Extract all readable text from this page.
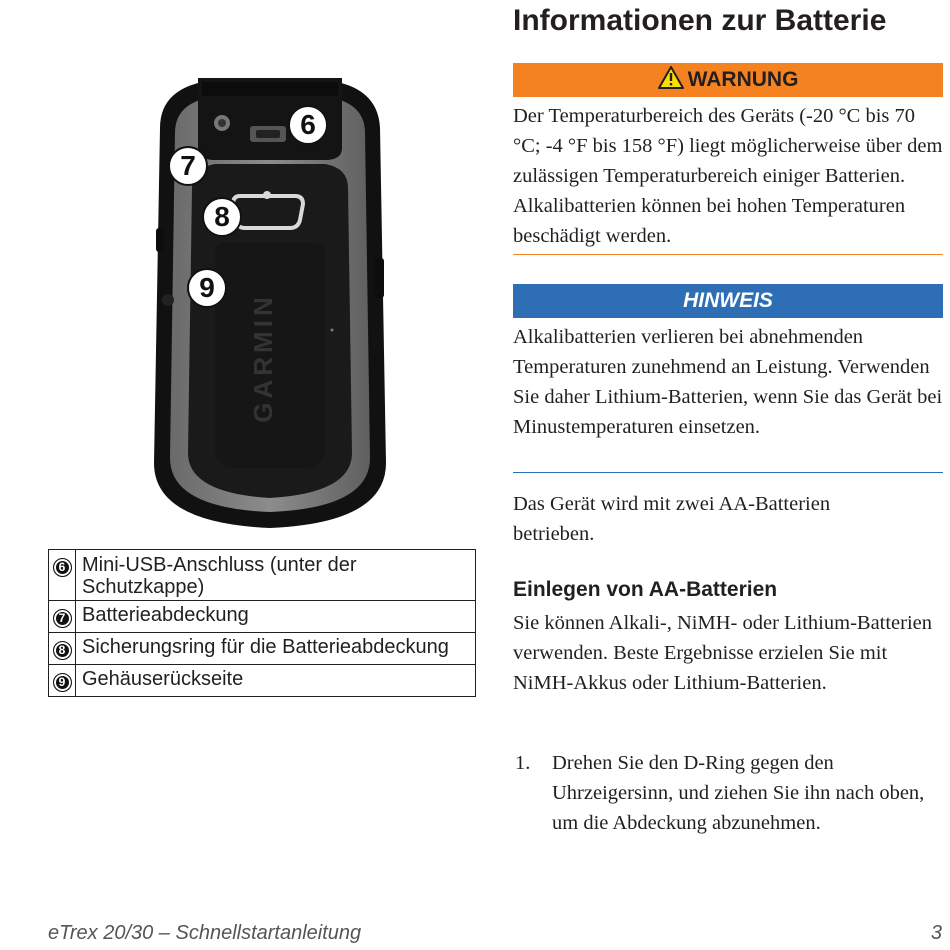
GARMIN
6
7
8
9
6	Mini-USB-Anschluss (unter der Schutzkappe)
7	Batterieabdeckung
8	Sicherungsring für die Batterieabdeckung
9	Gehäuserückseite
Informationen zur Batterie
WARNUNG

Der Temperaturbereich des Geräts (-20 °C bis 70 °C; -4 °F bis 158 °F) liegt möglicherweise über dem zulässigen Temperaturbereich einiger Batterien. Alkalibatterien können bei hohen Temperaturen beschädigt werden.

HINWEIS

Alkalibatterien verlieren bei abnehmenden Temperaturen zunehmend an Leistung. Verwenden Sie daher Lithium-Batterien, wenn Sie das Gerät bei Minustemperaturen einsetzen.

Das Gerät wird mit zwei AA-Batterien betrieben.

Einlegen von AA-Batterien

Sie können Alkali-, NiMH- oder Lithium-Batterien verwenden. Beste Ergebnisse erzielen Sie mit NiMH-Akkus oder Lithium-Batterien.

1. Drehen Sie den D-Ring gegen den Uhrzeigersinn, und ziehen Sie ihn nach oben, um die Abdeckung abzunehmen.

eTrex 20/30 – Schnellstartanleitung	3
